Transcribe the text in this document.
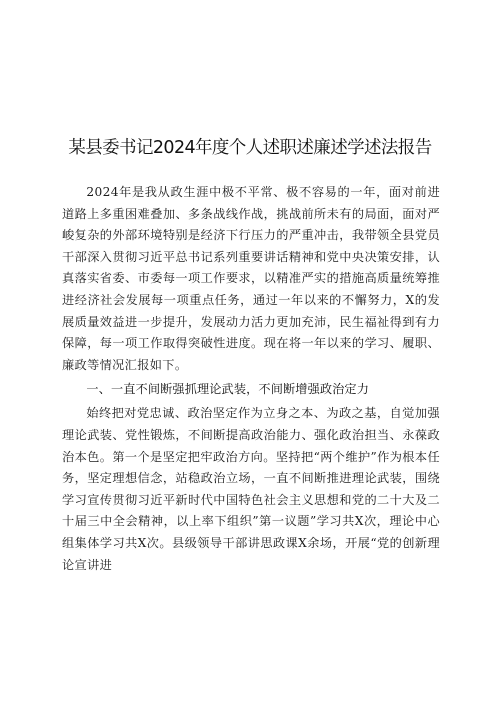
某县委书记2024年度个人述职述廉述学述法报告

2024年是我从政生涯中极不平常、极不容易的一年，面对前进道路上多重困难叠加、多条战线作战，挑战前所未有的局面，面对严峻复杂的外部环境特别是经济下行压力的严重冲击，我带领全县党员干部深入贯彻习近平总书记系列重要讲话精神和党中央决策安排，认真落实省委、市委每一项工作要求，以精准严实的措施高质量统筹推进经济社会发展每一项重点任务，通过一年以来的不懈努力，X的发展质量效益进一步提升，发展动力活力更加充沛，民生福祉得到有力保障，每一项工作取得突破性进度。现在将一年以来的学习、履职、廉政等情况汇报如下。

一、一直不间断强抓理论武装，不间断增强政治定力

始终把对党忠诚、政治坚定作为立身之本、为政之基，自觉加强理论武装、党性锻炼，不间断提高政治能力、强化政治担当、永葆政治本色。第一个是坚定把牢政治方向。坚持把“两个维护”作为根本任务，坚定理想信念，站稳政治立场，一直不间断推进理论武装，围绕学习宣传贯彻习近平新时代中国特色社会主义思想和党的二十大及二十届三中全会精神，以上率下组织”第一议题”学习共X次，理论中心组集体学习共X次。县级领导干部讲思政课X余场，开展“党的创新理论宣讲进
